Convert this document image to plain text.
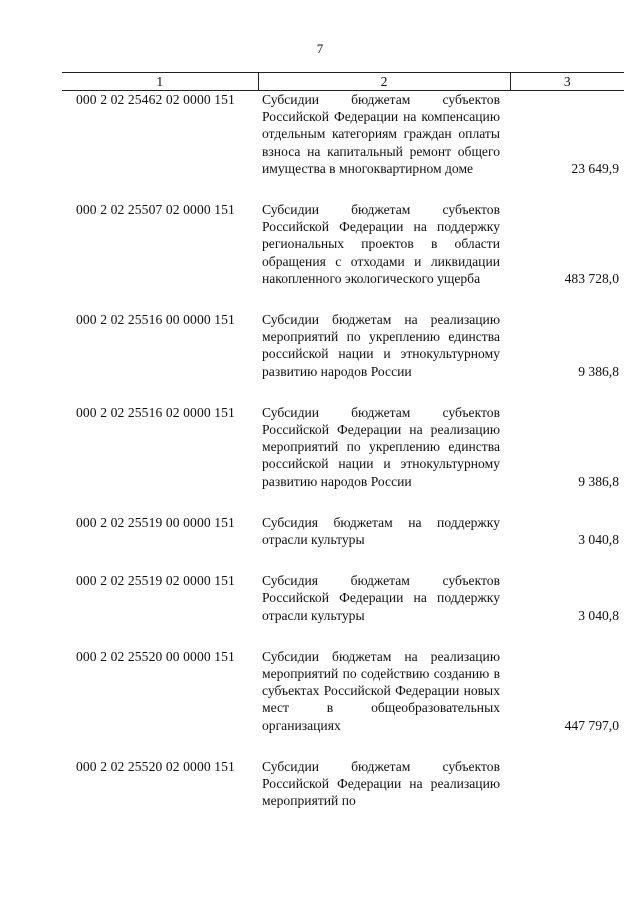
7
1	2	3
000 2 02 25462 02 0000 151	Субсидии бюджетам субъектов Российской Федерации на компенсацию отдельным категориям граждан оплаты взноса на капитальный ремонт общего имущества в многоквартирном доме	23 649,9
000 2 02 25507 02 0000 151	Субсидии бюджетам субъектов Российской Федерации на поддержку региональных проектов в области обращения с отходами и ликвидации накопленного экологического ущерба	483 728,0
000 2 02 25516 00 0000 151	Субсидии бюджетам на реализацию мероприятий по укреплению единства российской нации и этнокультурному развитию народов России	9 386,8
000 2 02 25516 02 0000 151	Субсидии бюджетам субъектов Российской Федерации на реализацию мероприятий по укреплению единства российской нации и этнокультурному развитию народов России	9 386,8
000 2 02 25519 00 0000 151	Субсидия бюджетам на поддержку отрасли культуры	3 040,8
000 2 02 25519 02 0000 151	Субсидия бюджетам субъектов Российской Федерации на поддержку отрасли культуры	3 040,8
000 2 02 25520 00 0000 151	Субсидии бюджетам на реализацию мероприятий по содействию созданию в субъектах Российской Федерации новых мест в общеобразовательных организациях	447 797,0
000 2 02 25520 02 0000 151	Субсидии бюджетам субъектов Российской Федерации на реализацию мероприятий по	
